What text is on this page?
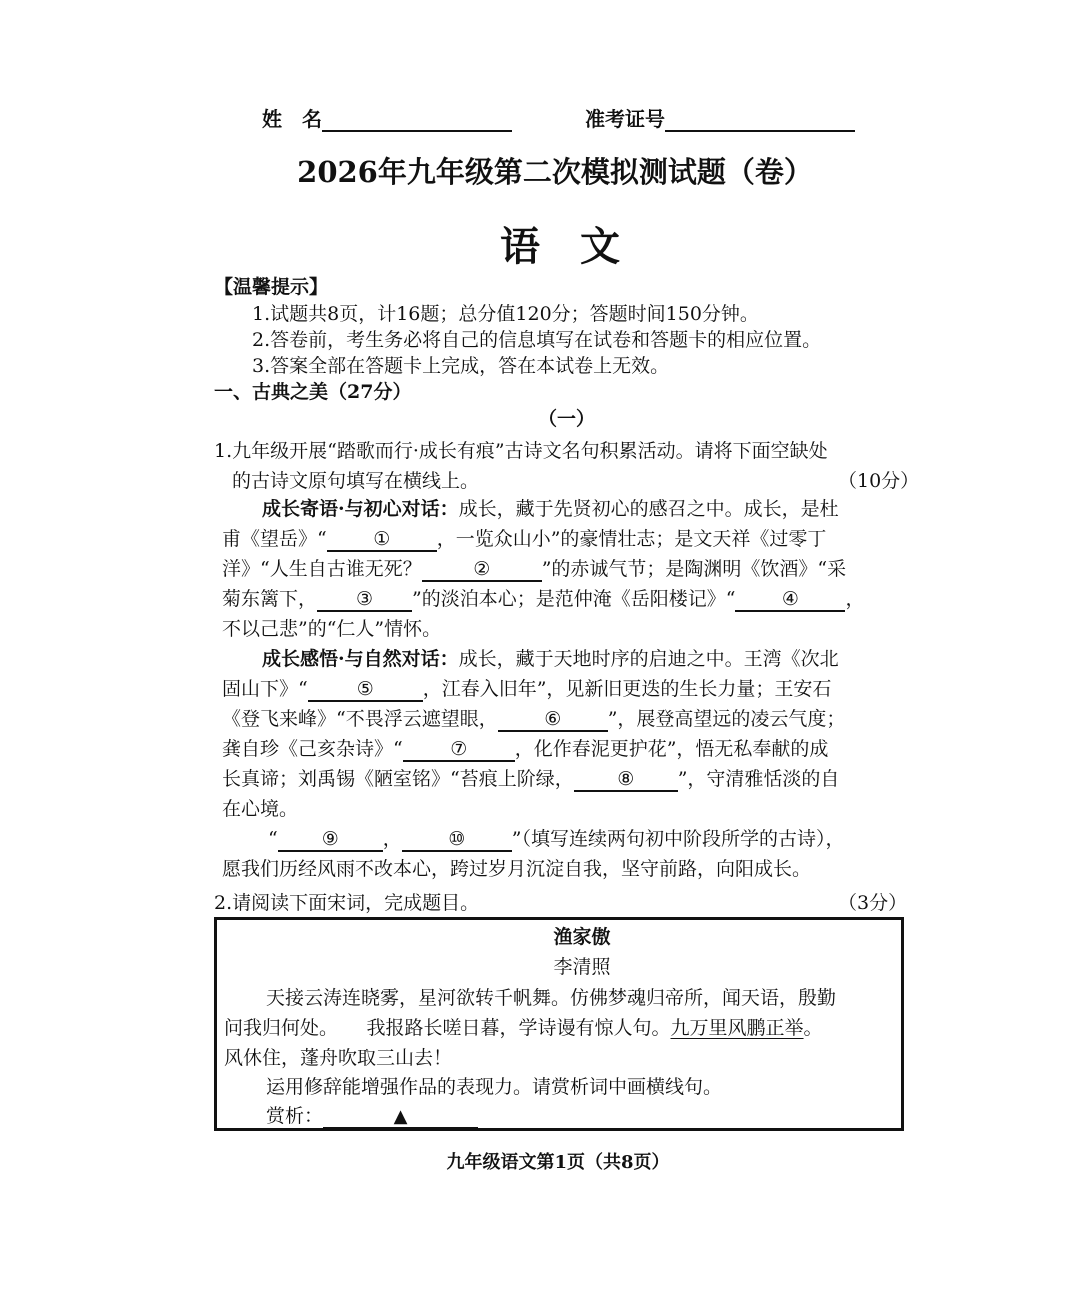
姓　名	准考证号
2026年九年级第二次模拟测试题（卷）
语　文
【温馨提示】
1.试题共8页，计16题；总分值120分；答题时间150分钟。
2.答卷前，考生务必将自己的信息填写在试卷和答题卡的相应位置。
3.答案全部在答题卡上完成，答在本试卷上无效。
一、古典之美（27分）
（一）
1.九年级开展“踏歌而行·成长有痕”古诗文名句积累活动。请将下面空缺处
的古诗文原句填写在横线上。	（10分）
成长寄语·与初心对话：成长，藏于先贤初心的感召之中。成长，是杜
甫《望岳》“ ① ，一览众山小”的豪情壮志；是文天祥《过零丁
洋》“人生自古谁无死？	②	”的赤诚气节；是陶渊明《饮酒》“采
菊东篱下， ③ ”的淡泊本心；是范仲淹《岳阳楼记》“ ④ ，
不以己悲”的“仁人”情怀。
成长感悟·与自然对话：成长，藏于天地时序的启迪之中。王湾《次北
固山下》“	⑤	，江春入旧年”，见新旧更迭的生长力量；王安石
《登飞来峰》“不畏浮云遮望眼， ⑥ ”，展登高望远的凌云气度；
龚自珍《己亥杂诗》“ ⑦ ，化作春泥更护花”，悟无私奉献的成
长真谛；刘禹锡《陋室铭》“苔痕上阶绿， ⑧ ”，守清雅恬淡的自
在心境。
“ ⑨ ， ⑩ ”（填写连续两句初中阶段所学的古诗），
愿我们历经风雨不改本心，跨过岁月沉淀自我，坚守前路，向阳成长。
2.请阅读下面宋词，完成题目。	（3分）
渔家傲
李清照
天接云涛连晓雾，星河欲转千帆舞。仿佛梦魂归帝所，闻天语，殷勤
问我归何处。　　我报路长嗟日暮，学诗谩有惊人句。九万里风鹏正举。
风休住，蓬舟吹取三山去！
运用修辞能增强作品的表现力。请赏析词中画横线句。
赏析：	▲
九年级语文第1页（共8页）
